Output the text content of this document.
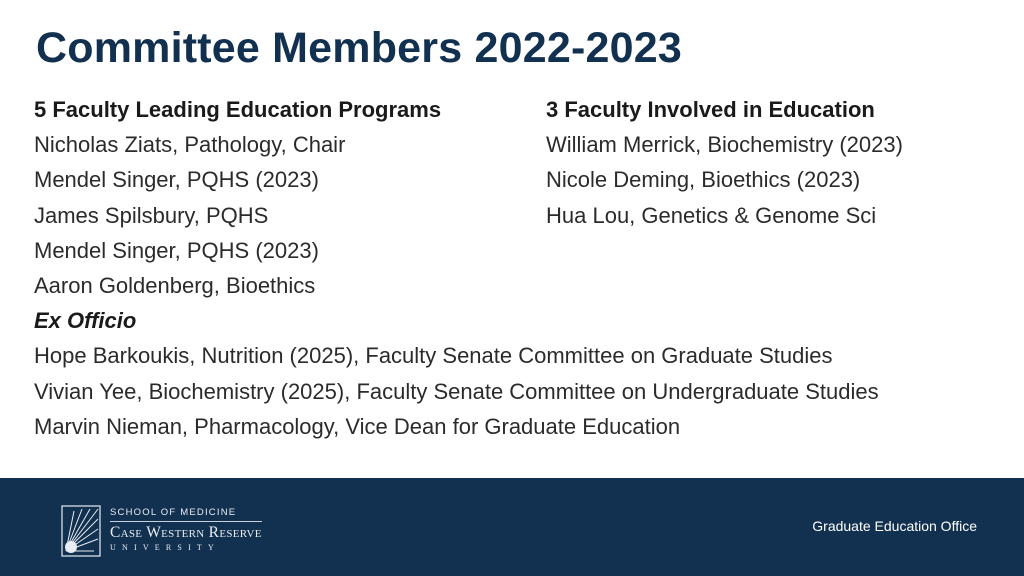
Committee Members 2022-2023
5 Faculty Leading Education Programs
Nicholas Ziats, Pathology, Chair
Mendel Singer, PQHS (2023)
James Spilsbury, PQHS
Mendel Singer, PQHS (2023)
Aaron Goldenberg, Bioethics
Ex Officio
Hope Barkoukis, Nutrition (2025), Faculty Senate Committee on Graduate Studies
Vivian Yee, Biochemistry (2025), Faculty Senate Committee on Undergraduate Studies
Marvin Nieman, Pharmacology, Vice Dean for Graduate Education
3 Faculty Involved in Education
William Merrick, Biochemistry (2023)
Nicole Deming, Bioethics (2023)
Hua Lou, Genetics & Genome Sci
SCHOOL OF MEDICINE
Case Western Reserve
UNIVERSITY
Graduate Education Office
